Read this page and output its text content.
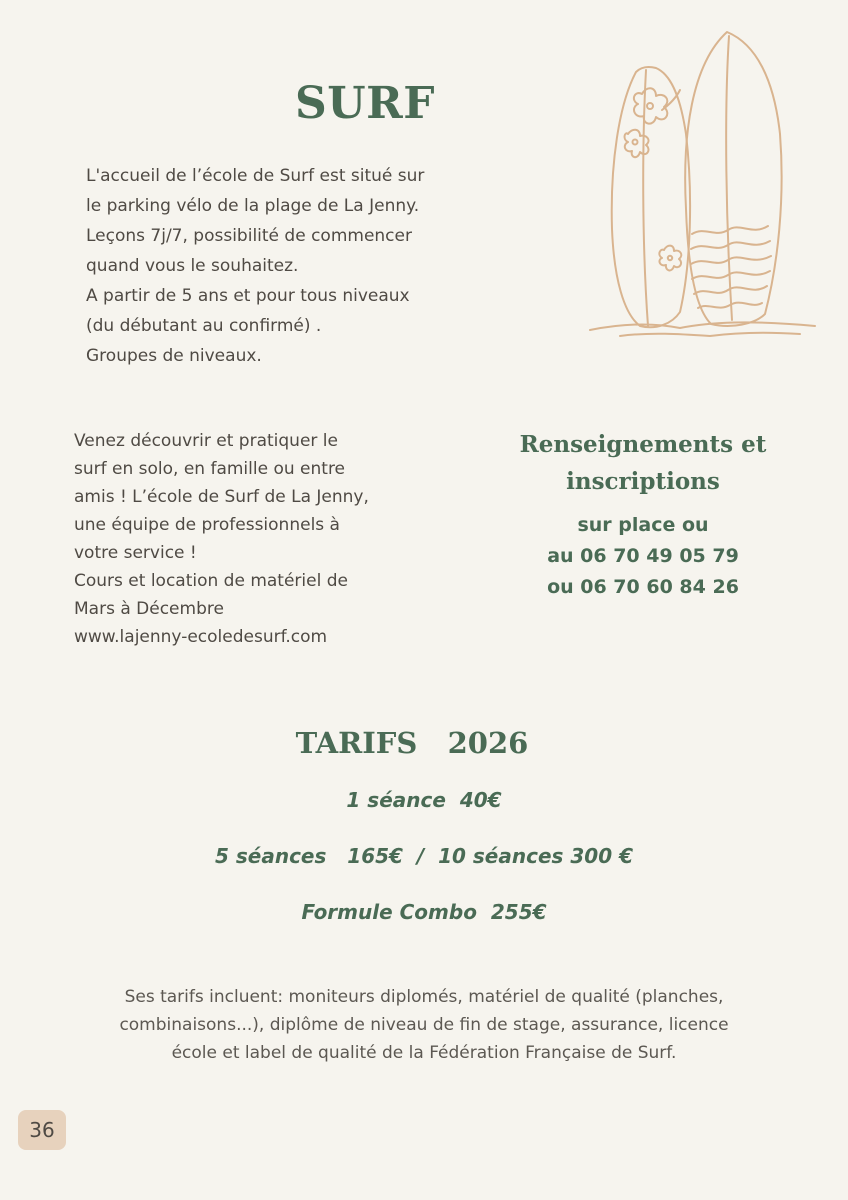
SURF
L'accueil de l’école de Surf est situé sur
le parking vélo de la plage de La Jenny.
Leçons 7j/7, possibilité de commencer
quand vous le souhaitez.
A partir de 5 ans et pour tous niveaux
(du débutant au confirmé) .
Groupes de niveaux.
Venez découvrir et pratiquer le
surf en solo, en famille ou entre
amis ! L’école de Surf de La Jenny,
une équipe de professionnels à
votre service !
Cours et location de matériel de
Mars à Décembre
www.lajenny-ecoledesurf.com
Renseignements et
inscriptions
sur place ou
au 06 70 49 05 79
ou 06 70 60 84 26
TARIFS   2026
1 séance  40€
5 séances   165€  /  10 séances 300 €
Formule Combo  255€
Ses tarifs incluent: moniteurs diplomés, matériel de qualité (planches, combinaisons...), diplôme de niveau de fin de stage, assurance, licence école et label de qualité de la Fédération Française de Surf.
36
